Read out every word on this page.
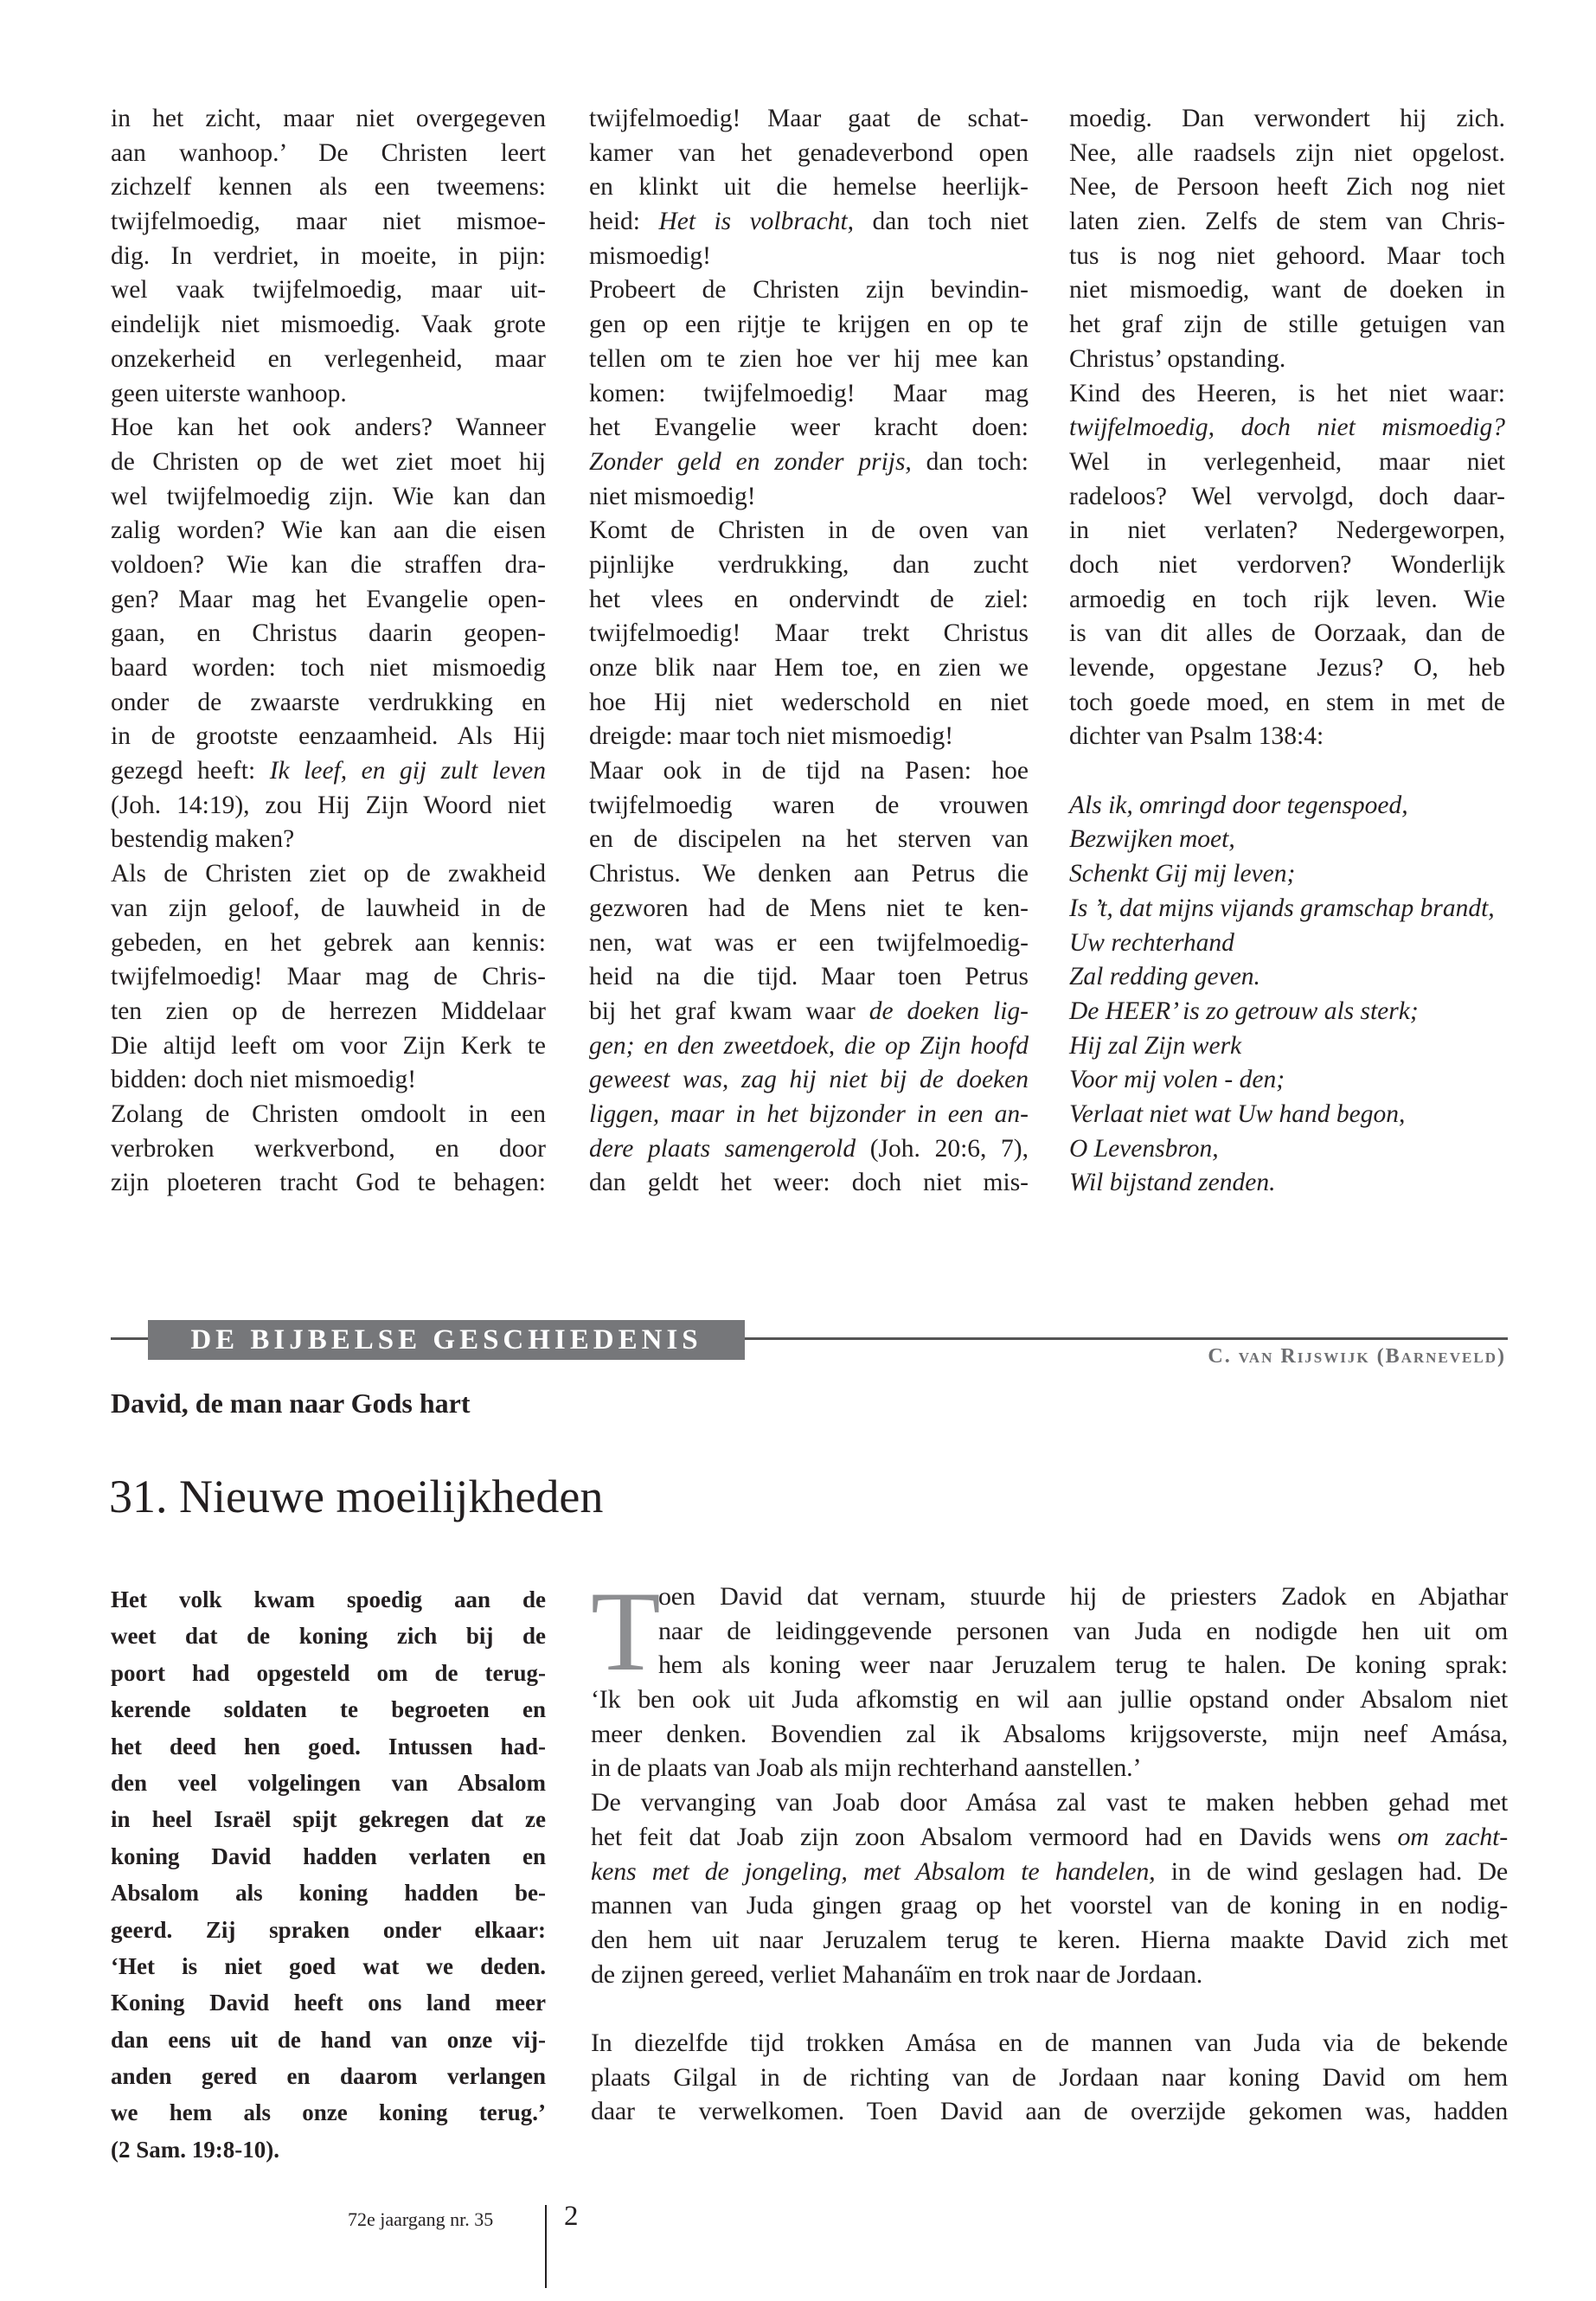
in het zicht, maar niet overgegeven
aan wanhoop.’ De Christen leert
zichzelf kennen als een tweemens:
twijfelmoedig, maar niet mismoe-
dig. In verdriet, in moeite, in pijn:
wel vaak twijfelmoedig, maar uit-
eindelijk niet mismoedig. Vaak grote
onzekerheid en verlegenheid, maar
geen uiterste wanhoop.
Hoe kan het ook anders? Wanneer
de Christen op de wet ziet moet hij
wel twijfelmoedig zijn. Wie kan dan
zalig worden? Wie kan aan die eisen
voldoen? Wie kan die straffen dra-
gen? Maar mag het Evangelie open-
gaan, en Christus daarin geopen-
baard worden: toch niet mismoedig
onder de zwaarste verdrukking en
in de grootste eenzaamheid. Als Hij
gezegd heeft: Ik leef, en gij zult leven
(Joh. 14:19), zou Hij Zijn Woord niet
bestendig maken?
Als de Christen ziet op de zwakheid
van zijn geloof, de lauwheid in de
gebeden, en het gebrek aan kennis:
twijfelmoedig! Maar mag de Chris-
ten zien op de herrezen Middelaar
Die altijd leeft om voor Zijn Kerk te
bidden: doch niet mismoedig!
Zolang de Christen omdoolt in een
verbroken werkverbond, en door
zijn ploeteren tracht God te behagen:
twijfelmoedig! Maar gaat de schat-
kamer van het genadeverbond open
en klinkt uit die hemelse heerlijk-
heid: Het is volbracht, dan toch niet
mismoedig!
Probeert de Christen zijn bevindin-
gen op een rijtje te krijgen en op te
tellen om te zien hoe ver hij mee kan
komen: twijfelmoedig! Maar mag
het Evangelie weer kracht doen:
Zonder geld en zonder prijs, dan toch:
niet mismoedig!
Komt de Christen in de oven van
pijnlijke verdrukking, dan zucht
het vlees en ondervindt de ziel:
twijfelmoedig! Maar trekt Christus
onze blik naar Hem toe, en zien we
hoe Hij niet wederschold en niet
dreigde: maar toch niet mismoedig!
Maar ook in de tijd na Pasen: hoe
twijfelmoedig waren de vrouwen
en de discipelen na het sterven van
Christus. We denken aan Petrus die
gezworen had de Mens niet te ken-
nen, wat was er een twijfelmoedig-
heid na die tijd. Maar toen Petrus
bij het graf kwam waar de doeken lig-
gen; en den zweetdoek, die op Zijn hoofd
geweest was, zag hij niet bij de doeken
liggen, maar in het bijzonder in een an-
dere plaats samengerold (Joh. 20:6, 7),
dan geldt het weer: doch niet mis-
moedig. Dan verwondert hij zich.
Nee, alle raadsels zijn niet opgelost.
Nee, de Persoon heeft Zich nog niet
laten zien. Zelfs de stem van Chris-
tus is nog niet gehoord. Maar toch
niet mismoedig, want de doeken in
het graf zijn de stille getuigen van
Christus’ opstanding.
Kind des Heeren, is het niet waar:
twijfelmoedig, doch niet mismoedig?
Wel in verlegenheid, maar niet
radeloos? Wel vervolgd, doch daar-
in niet verlaten? Nedergeworpen,
doch niet verdorven? Wonderlijk
armoedig en toch rijk leven. Wie
is van dit alles de Oorzaak, dan de
levende, opgestane Jezus? O, heb
toch goede moed, en stem in met de
dichter van Psalm 138:4:
Als ik, omringd door tegenspoed,
Bezwijken moet,
Schenkt Gij mij leven;
Is ’t, dat mijns vijands gramschap brandt,
Uw rechterhand
Zal redding geven.
De HEER’ is zo getrouw als sterk;
Hij zal Zijn werk
Voor mij volen - den;
Verlaat niet wat Uw hand begon,
O Levensbron,
Wil bijstand zenden.
DE BIJBELSE GESCHIEDENIS
C. van Rijswijk (Barneveld)
David, de man naar Gods hart
31. Nieuwe moeilijkheden
Het volk kwam spoedig aan de
weet dat de koning zich bij de
poort had opgesteld om de terug-
kerende soldaten te begroeten en
het deed hen goed. Intussen had-
den veel volgelingen van Absalom
in heel Israël spijt gekregen dat ze
koning David hadden verlaten en
Absalom als koning hadden be-
geerd. Zij spraken onder elkaar:
‘Het is niet goed wat we deden.
Koning David heeft ons land meer
dan eens uit de hand van onze vij-
anden gered en daarom verlangen
we hem als onze koning terug.’
(2 Sam. 19:8-10).
T
oen David dat vernam, stuurde hij de priesters Zadok en Abjathar
naar de leidinggevende personen van Juda en nodigde hen uit om
hem als koning weer naar Jeruzalem terug te halen. De koning sprak:
‘Ik ben ook uit Juda afkomstig en wil aan jullie opstand onder Absalom niet
meer denken. Bovendien zal ik Absaloms krijgsoverste, mijn neef Amása,
in de plaats van Joab als mijn rechterhand aanstellen.’
De vervanging van Joab door Amása zal vast te maken hebben gehad met
het feit dat Joab zijn zoon Absalom vermoord had en Davids wens om zacht-
kens met de jongeling, met Absalom te handelen, in de wind geslagen had. De
mannen van Juda gingen graag op het voorstel van de koning in en nodig-
den hem uit naar Jeruzalem terug te keren. Hierna maakte David zich met
de zijnen gereed, verliet Mahanáïm en trok naar de Jordaan.
In diezelfde tijd trokken Amása en de mannen van Juda via de bekende
plaats Gilgal in de richting van de Jordaan naar koning David om hem
daar te verwelkomen. Toen David aan de overzijde gekomen was, hadden
72e jaargang nr. 35 2
